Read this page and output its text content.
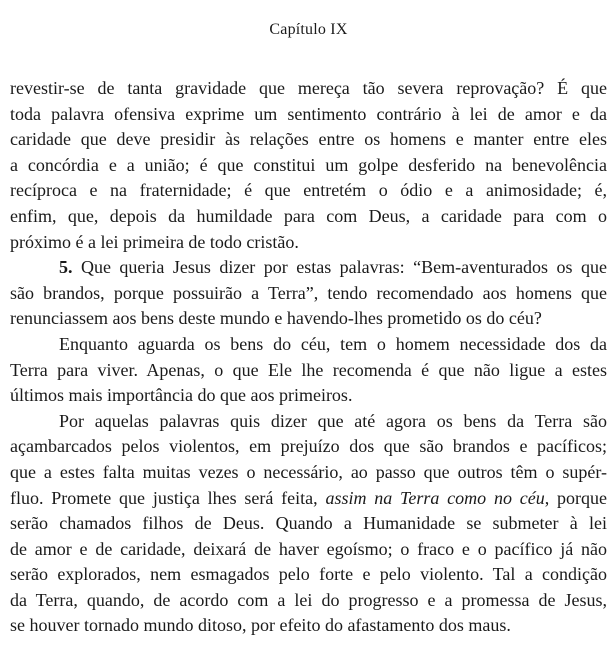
Capítulo IX
revestir-se de tanta gravidade que mereça tão severa reprovação? É que
toda palavra ofensiva exprime um sentimento contrário à lei de amor e da
caridade que deve presidir às relações entre os homens e manter entre eles
a concórdia e a união; é que constitui um golpe desferido na benevolência
recíproca e na fraternidade; é que entretém o ódio e a animosidade; é,
enfim, que, depois da humildade para com Deus, a caridade para com o
próximo é a lei primeira de todo cristão.
5. Que queria Jesus dizer por estas palavras: “Bem-aventurados os que
são brandos, porque possuirão a Terra”, tendo recomendado aos homens que
renunciassem aos bens deste mundo e havendo-lhes prometido os do céu?
Enquanto aguarda os bens do céu, tem o homem necessidade dos da
Terra para viver. Apenas, o que Ele lhe recomenda é que não ligue a estes
últimos mais importância do que aos primeiros.
Por aquelas palavras quis dizer que até agora os bens da Terra são
açambarcados pelos violentos, em prejuízo dos que são brandos e pacíficos;
que a estes falta muitas vezes o necessário, ao passo que outros têm o supér-
fluo. Promete que justiça lhes será feita, assim na Terra como no céu, porque
serão chamados filhos de Deus. Quando a Humanidade se submeter à lei
de amor e de caridade, deixará de haver egoísmo; o fraco e o pacífico já não
serão explorados, nem esmagados pelo forte e pelo violento. Tal a condição
da Terra, quando, de acordo com a lei do progresso e a promessa de Jesus,
se houver tornado mundo ditoso, por efeito do afastamento dos maus.
